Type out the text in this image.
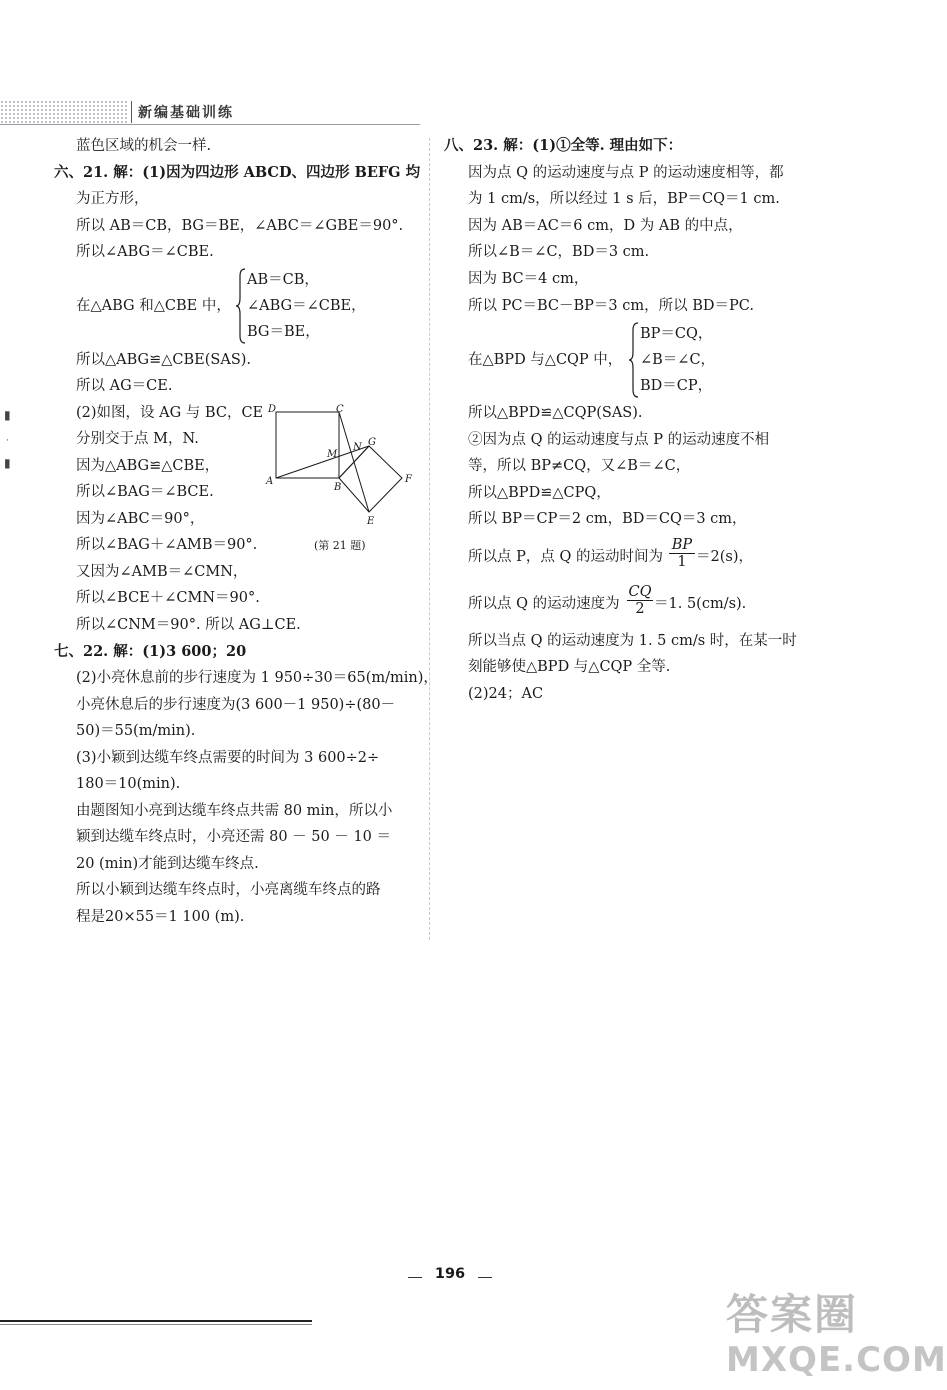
新编基础训练
▮
·
▮
蓝色区域的机会一样.
六、21. 解：(1)因为四边形 ABCD、四边形 BEFG 均
为正方形，
所以 AB＝CB，BG＝BE，∠ABC＝∠GBE＝90°.
所以∠ABG＝∠CBE.
AB＝CB，
在△ABG 和△CBE 中， ∠ABG＝∠CBE，
BG＝BE，
所以△ABG≌△CBE(SAS).
所以 AG＝CE.
(2)如图，设 AG 与 BC，CE
分别交于点 M，N.
因为△ABG≌△CBE，
所以∠BAG＝∠BCE.
因为∠ABC＝90°，
所以∠BAG＋∠AMB＝90°.
又因为∠AMB＝∠CMN，
所以∠BCE＋∠CMN＝90°.
所以∠CNM＝90°. 所以 AG⊥CE.
七、22. 解：(1)3 600；20
(2)小亮休息前的步行速度为 1 950÷30＝65(m/min)，
小亮休息后的步行速度为(3 600－1 950)÷(80－
50)＝55(m/min).
(3)小颖到达缆车终点需要的时间为 3 600÷2÷
180＝10(min).
由题图知小亮到达缆车终点共需 80 min，所以小
颖到达缆车终点时，小亮还需 80 － 50 － 10 ＝
20 (min)才能到达缆车终点.
所以小颖到达缆车终点时，小亮离缆车终点的路
程是20×55＝1 100 (m).
D	C
N G
M
A
B
F
E
(第 21 题)
八、23. 解：(1)①全等. 理由如下：
因为点 Q 的运动速度与点 P 的运动速度相等，都
为 1 cm/s，所以经过 1 s 后，BP＝CQ＝1 cm.
因为 AB＝AC＝6 cm，D 为 AB 的中点，
所以∠B＝∠C，BD＝3 cm.
因为 BC＝4 cm，
所以 PC＝BC－BP＝3 cm，所以 BD＝PC.
BP＝CQ，
在△BPD 与△CQP 中， ∠B＝∠C，
BD＝CP，
所以△BPD≌△CQP(SAS).
②因为点 Q 的运动速度与点 P 的运动速度不相
等，所以 BP≠CQ，又∠B＝∠C，
所以△BPD≌△CPQ，
所以 BP＝CP＝2 cm，BD＝CQ＝3 cm，
所以点 P，点 Q 的运动时间为 $\frac{BP}{1} =2(s)$，
所以点 Q 的运动速度为 $\frac{CQ}{2} =1$. 5(cm/s).
所以当点 Q 的运动速度为 1. 5 cm/s 时，在某一时
刻能够使△BPD 与△CQP 全等.
(2)24；AC
196
答案圈
MXQE.COM
